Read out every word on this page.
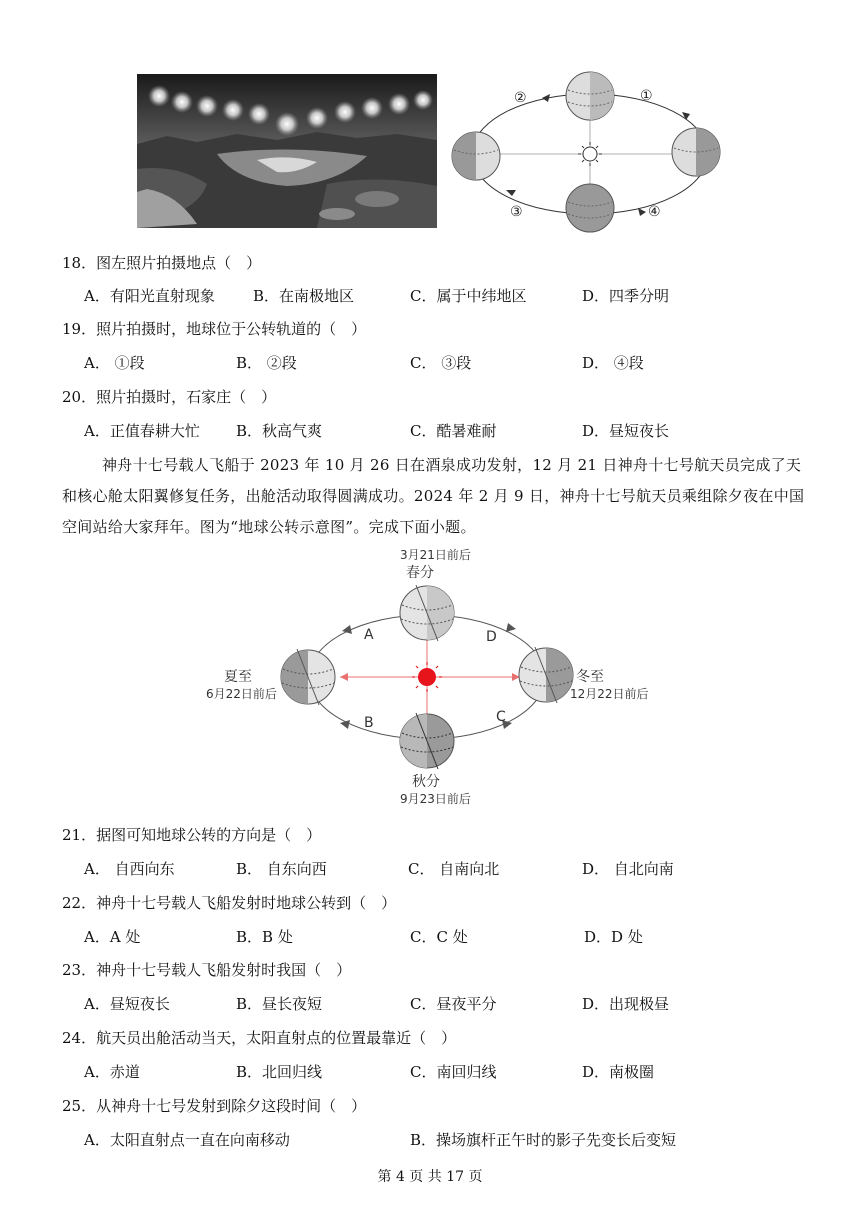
②	①
③	④
18．图左照片拍摄地点（　）
A．有阳光直射现象	B．在南极地区	C．属于中纬地区	D．四季分明
19．照片拍摄时，地球位于公转轨道的（　）
A． ①段	B． ②段	C． ③段	D． ④段
20．照片拍摄时，石家庄（　）
A．正值春耕大忙 B．秋高气爽	C．酷暑难耐	D．昼短夜长
神舟十七号载人飞船于 2023 年 10 月 26 日在酒泉成功发射，12 月 21 日神舟十七号航天员完成了天和核心舱太阳翼修复任务，出舱活动取得圆满成功。2024 年 2 月 9 日，神舟十七号航天员乘组除夕夜在中国空间站给大家拜年。图为“地球公转示意图”。完成下面小题。
3月21日前后
春分
夏至
6月22日前后
冬至
12月22日前后
秋分
9月23日前后
A
B	C
D
21．据图可知地球公转的方向是（　）
A． 自西向东	B． 自东向西	C． 自南向北	D． 自北向南
22．神舟十七号载人飞船发射时地球公转到（　）
A．A 处	B．B 处	C．C 处	D．D 处
23．神舟十七号载人飞船发射时我国（　）
A．昼短夜长	B．昼长夜短	C．昼夜平分	D．出现极昼
24．航天员出舱活动当天，太阳直射点的位置最靠近（　）
A．赤道	B．北回归线	C．南回归线	D．南极圈
25．从神舟十七号发射到除夕这段时间（　）
A．太阳直射点一直在向南移动	B．操场旗杆正午时的影子先变长后变短
第 4 页 共 17 页
